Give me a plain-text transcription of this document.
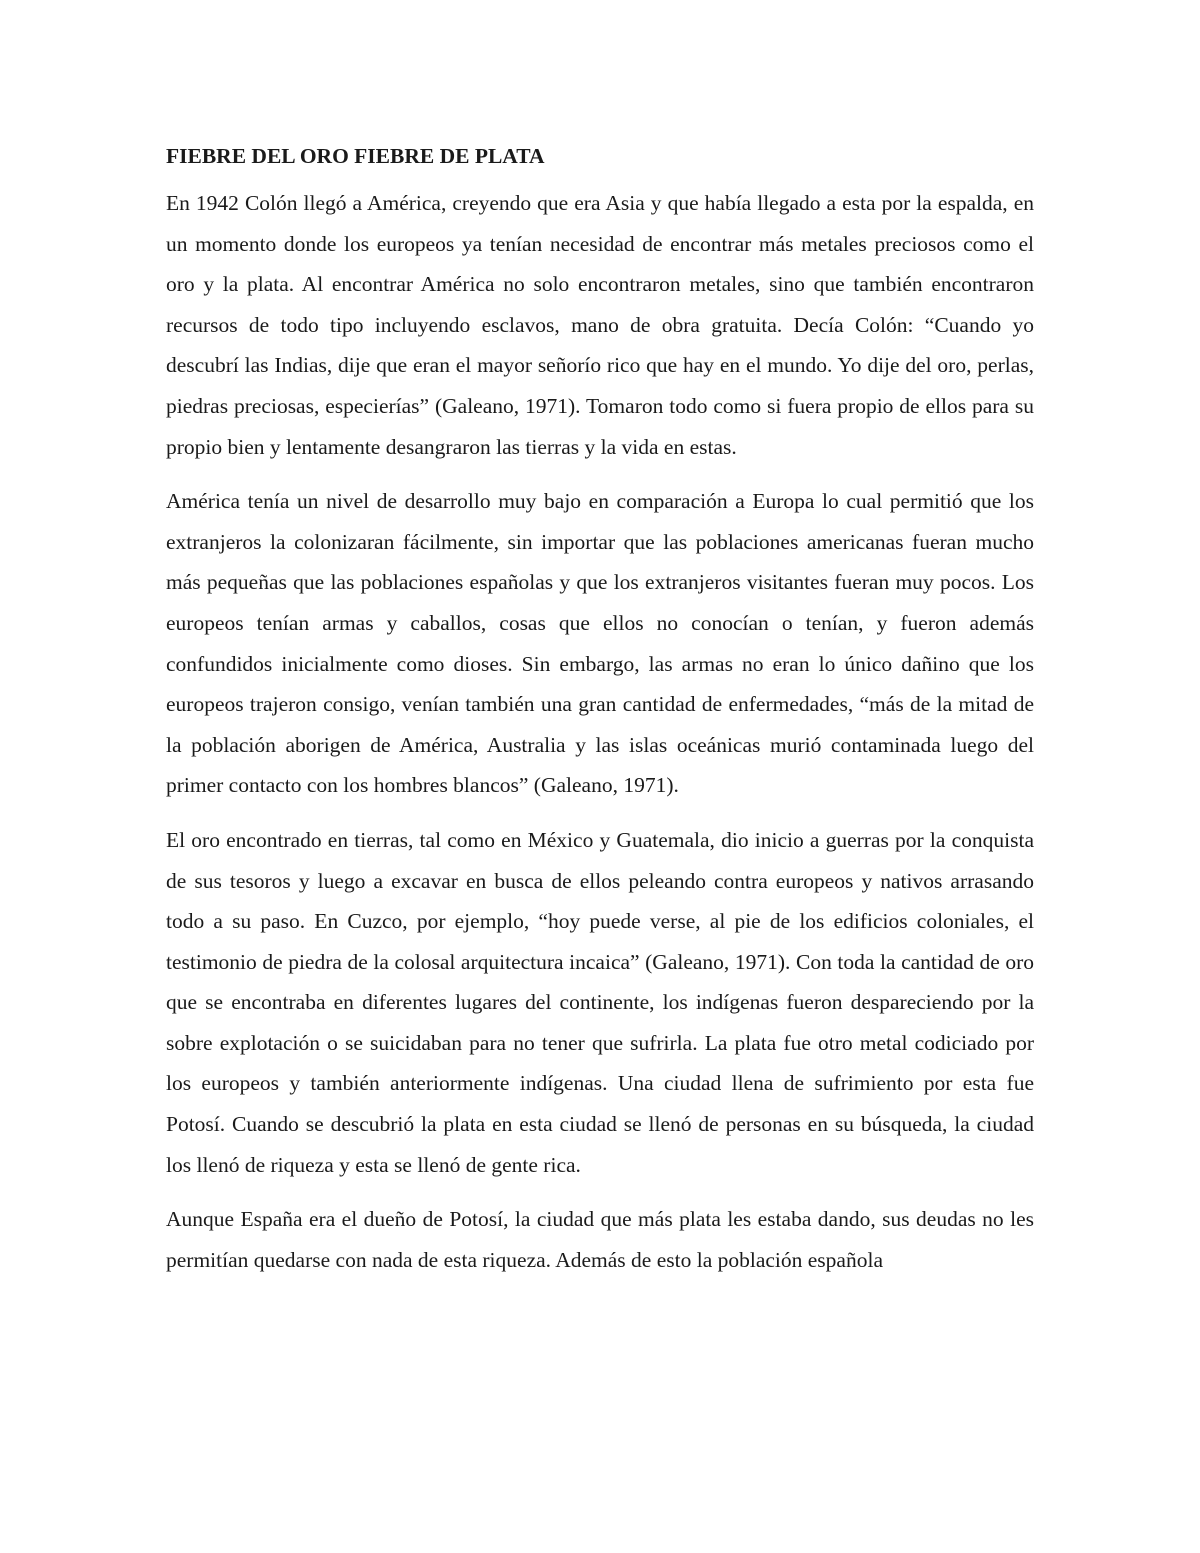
FIEBRE DEL ORO FIEBRE DE PLATA

En 1942 Colón llegó a América, creyendo que era Asia y que había llegado a esta por la espalda, en un momento donde los europeos ya tenían necesidad de encontrar más metales preciosos como el oro y la plata. Al encontrar América no solo encontraron metales, sino que también encontraron recursos de todo tipo incluyendo esclavos, mano de obra gratuita. Decía Colón: “Cuando yo descubrí las Indias, dije que eran el mayor señorío rico que hay en el mundo. Yo dije del oro, perlas, piedras preciosas, especierías” (Galeano, 1971). Tomaron todo como si fuera propio de ellos para su propio bien y lentamente desangraron las tierras y la vida en estas.

América tenía un nivel de desarrollo muy bajo en comparación a Europa lo cual permitió que los extranjeros la colonizaran fácilmente, sin importar que las poblaciones americanas fueran mucho más pequeñas que las poblaciones españolas y que los extranjeros visitantes fueran muy pocos. Los europeos tenían armas y caballos, cosas que ellos no conocían o tenían, y fueron además confundidos inicialmente como dioses. Sin embargo, las armas no eran lo único dañino que los europeos trajeron consigo, venían también una gran cantidad de enfermedades, “más de la mitad de la población aborigen de América, Australia y las islas oceánicas murió contaminada luego del primer contacto con los hombres blancos” (Galeano, 1971).

El oro encontrado en tierras, tal como en México y Guatemala, dio inicio a guerras por la conquista de sus tesoros y luego a excavar en busca de ellos peleando contra europeos y nativos arrasando todo a su paso. En Cuzco, por ejemplo, “hoy puede verse, al pie de los edificios coloniales, el testimonio de piedra de la colosal arquitectura incaica” (Galeano, 1971). Con toda la cantidad de oro que se encontraba en diferentes lugares del continente, los indígenas fueron despareciendo por la sobre explotación o se suicidaban para no tener que sufrirla. La plata fue otro metal codiciado por los europeos y también anteriormente indígenas. Una ciudad llena de sufrimiento por esta fue Potosí. Cuando se descubrió la plata en esta ciudad se llenó de personas en su búsqueda, la ciudad los llenó de riqueza y esta se llenó de gente rica.

Aunque España era el dueño de Potosí, la ciudad que más plata les estaba dando, sus deudas no les permitían quedarse con nada de esta riqueza. Además de esto la población española
